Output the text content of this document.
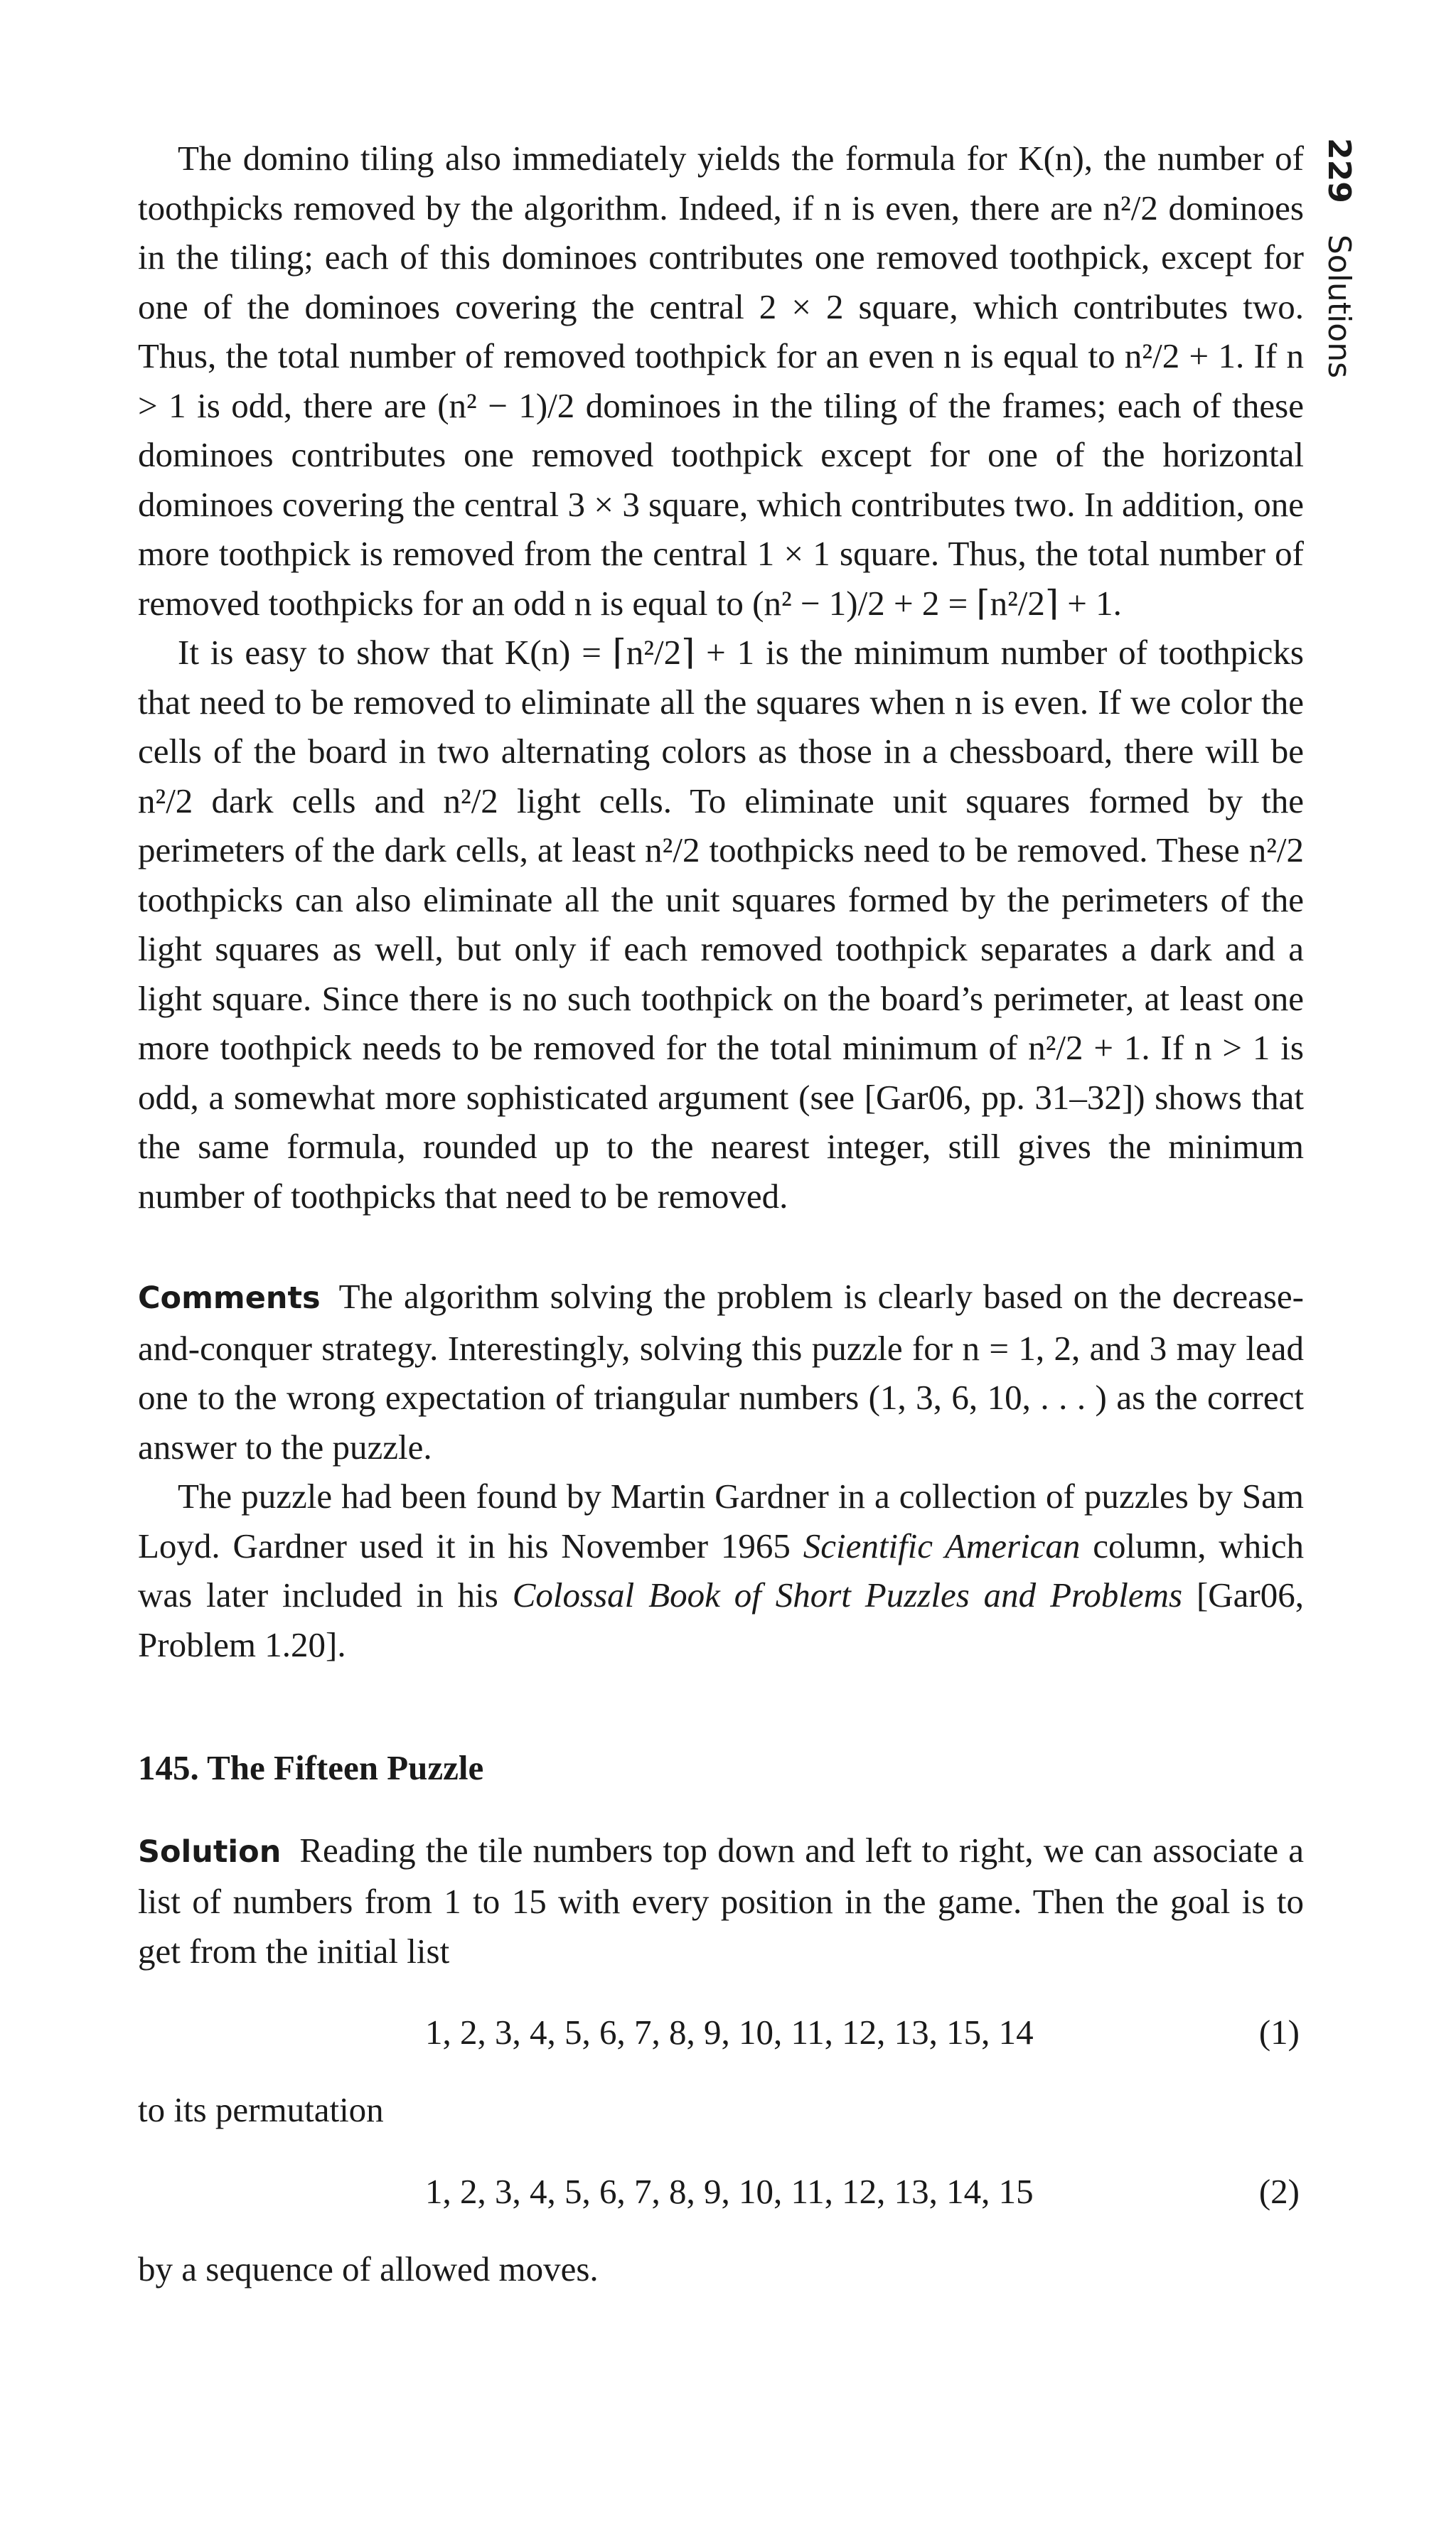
229 Solutions

The domino tiling also immediately yields the formula for K(n), the number of toothpicks removed by the algorithm. Indeed, if n is even, there are n²/2 dominoes in the tiling; each of this dominoes contributes one removed toothpick, except for one of the dominoes covering the central 2 × 2 square, which contributes two. Thus, the total number of removed toothpick for an even n is equal to n²/2 + 1. If n > 1 is odd, there are (n² − 1)/2 dominoes in the tiling of the frames; each of these dominoes contributes one removed toothpick except for one of the horizontal dominoes covering the central 3 × 3 square, which contributes two. In addition, one more toothpick is removed from the central 1 × 1 square. Thus, the total number of removed toothpicks for an odd n is equal to (n² − 1)/2 + 2 = ⌈n²/2⌉ + 1.

It is easy to show that K(n) = ⌈n²/2⌉ + 1 is the minimum number of toothpicks that need to be removed to eliminate all the squares when n is even. If we color the cells of the board in two alternating colors as those in a chessboard, there will be n²/2 dark cells and n²/2 light cells. To eliminate unit squares formed by the perimeters of the dark cells, at least n²/2 toothpicks need to be removed. These n²/2 toothpicks can also eliminate all the unit squares formed by the perimeters of the light squares as well, but only if each removed toothpick separates a dark and a light square. Since there is no such toothpick on the board’s perimeter, at least one more toothpick needs to be removed for the total minimum of n²/2 + 1. If n > 1 is odd, a somewhat more sophisticated argument (see [Gar06, pp. 31–32]) shows that the same formula, rounded up to the nearest integer, still gives the minimum number of toothpicks that need to be removed.

Comments The algorithm solving the problem is clearly based on the decrease-and-conquer strategy. Interestingly, solving this puzzle for n = 1, 2, and 3 may lead one to the wrong expectation of triangular numbers (1, 3, 6, 10, . . . ) as the correct answer to the puzzle.

The puzzle had been found by Martin Gardner in a collection of puzzles by Sam Loyd. Gardner used it in his November 1965 Scientific American column, which was later included in his Colossal Book of Short Puzzles and Problems [Gar06, Problem 1.20].

145. The Fifteen Puzzle

Solution Reading the tile numbers top down and left to right, we can associate a list of numbers from 1 to 15 with every position in the game. Then the goal is to get from the initial list

1, 2, 3, 4, 5, 6, 7, 8, 9, 10, 11, 12, 13, 15, 14	(1)

to its permutation

1, 2, 3, 4, 5, 6, 7, 8, 9, 10, 11, 12, 13, 14, 15	(2)

by a sequence of allowed moves.
